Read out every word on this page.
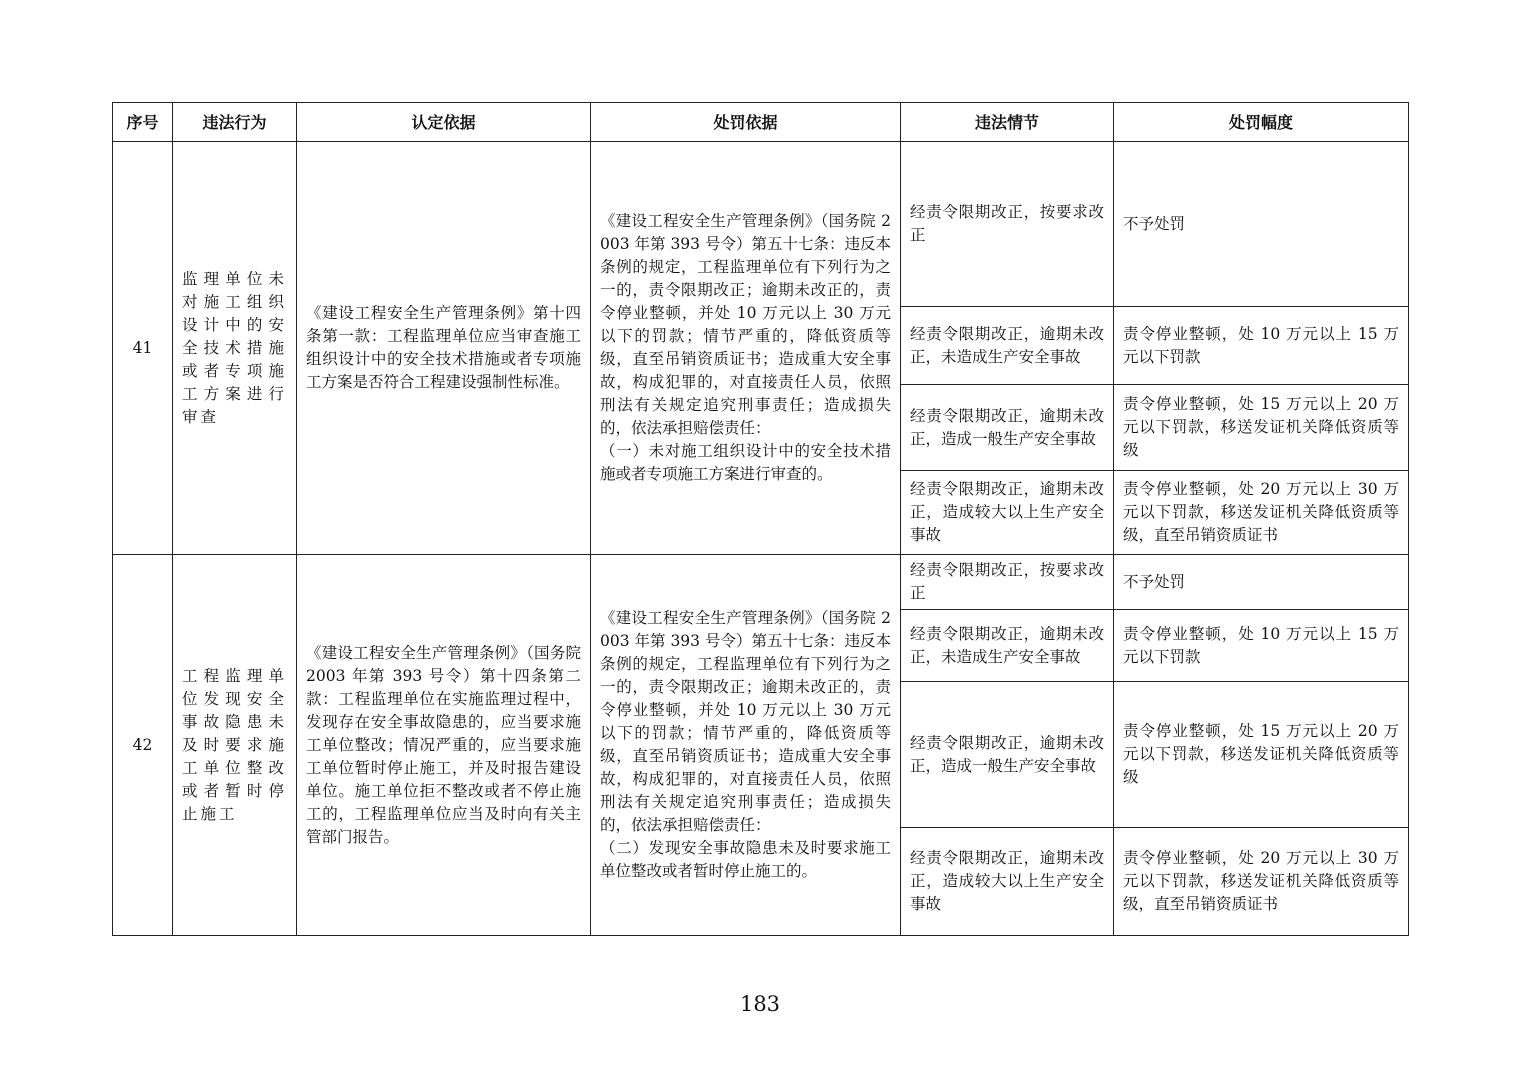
序号	违法行为	认定依据	处罚依据	违法情节	处罚幅度
41	监理单位未对施工组织设计中的安全技术措施或者专项施工方案进行审查	《建设工程安全生产管理条例》第十四条第一款：工程监理单位应当审查施工组织设计中的安全技术措施或者专项施工方案是否符合工程建设强制性标准。	《建设工程安全生产管理条例》（国务院 2003 年第 393 号令）第五十七条：违反本条例的规定，工程监理单位有下列行为之一的，责令限期改正；逾期未改正的，责令停业整顿，并处 10 万元以上 30 万元以下的罚款；情节严重的，降低资质等级，直至吊销资质证书；造成重大安全事故，构成犯罪的，对直接责任人员，依照刑法有关规定追究刑事责任；造成损失的，依法承担赔偿责任：
（一）未对施工组织设计中的安全技术措施或者专项施工方案进行审查的。	经责令限期改正，按要求改正	不予处罚
				经责令限期改正，逾期未改正，未造成生产安全事故	责令停业整顿，处 10 万元以上 15 万元以下罚款
				经责令限期改正，逾期未改正，造成一般生产安全事故	责令停业整顿，处 15 万元以上 20 万元以下罚款，移送发证机关降低资质等级
				经责令限期改正，逾期未改正，造成较大以上生产安全事故	责令停业整顿，处 20 万元以上 30 万元以下罚款，移送发证机关降低资质等级，直至吊销资质证书
42	工程监理单位发现安全事故隐患未及时要求施工单位整改或者暂时停止施工	《建设工程安全生产管理条例》（国务院 2003 年第 393 号令）第十四条第二款：工程监理单位在实施监理过程中，发现存在安全事故隐患的，应当要求施工单位整改；情况严重的，应当要求施工单位暂时停止施工，并及时报告建设单位。施工单位拒不整改或者不停止施工的，工程监理单位应当及时向有关主管部门报告。	《建设工程安全生产管理条例》（国务院 2003 年第 393 号令）第五十七条：违反本条例的规定，工程监理单位有下列行为之一的，责令限期改正；逾期未改正的，责令停业整顿，并处 10 万元以上 30 万元以下的罚款；情节严重的，降低资质等级，直至吊销资质证书；造成重大安全事故，构成犯罪的，对直接责任人员，依照刑法有关规定追究刑事责任；造成损失的，依法承担赔偿责任：
（二）发现安全事故隐患未及时要求施工单位整改或者暂时停止施工的。	经责令限期改正，按要求改正	不予处罚
				经责令限期改正，逾期未改正，未造成生产安全事故	责令停业整顿，处 10 万元以上 15 万元以下罚款
				经责令限期改正，逾期未改正，造成一般生产安全事故	责令停业整顿，处 15 万元以上 20 万元以下罚款，移送发证机关降低资质等级
				经责令限期改正，逾期未改正，造成较大以上生产安全事故	责令停业整顿，处 20 万元以上 30 万元以下罚款，移送发证机关降低资质等级，直至吊销资质证书
183
